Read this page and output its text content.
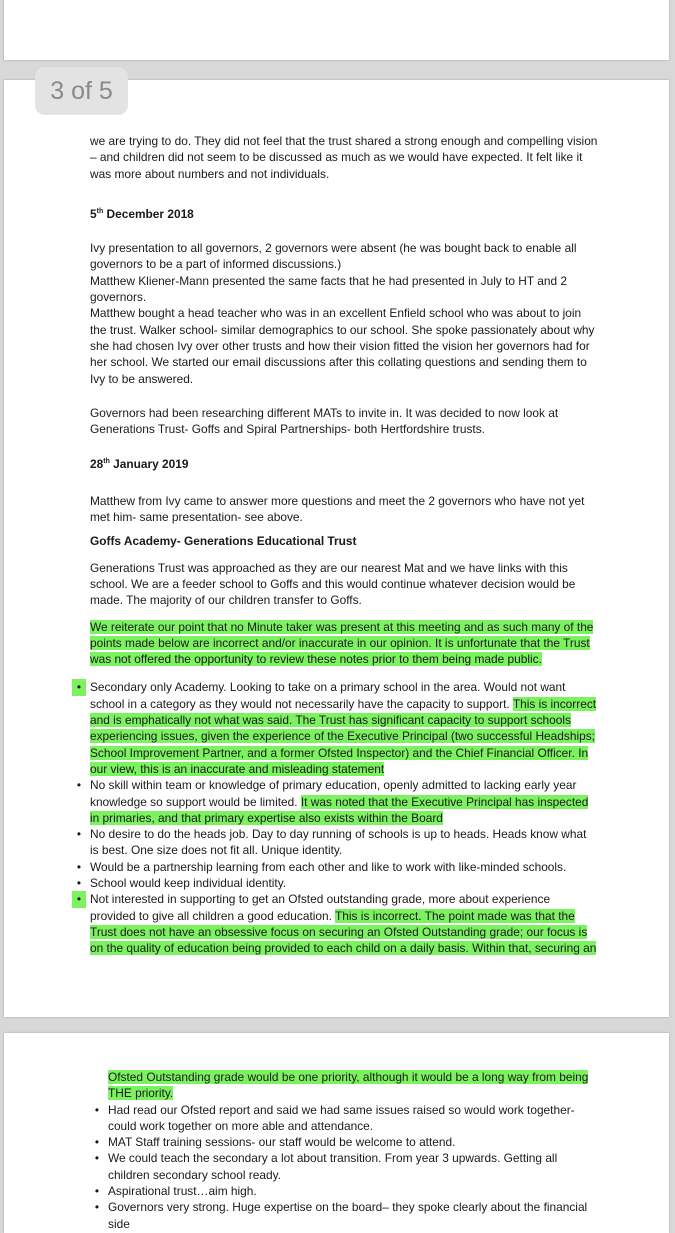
3 of 5

we are trying to do. They did not feel that the trust shared a strong enough and compelling vision – and children did not seem to be discussed as much as we would have expected. It felt like it was more about numbers and not individuals.

5th December 2018

Ivy presentation to all governors, 2 governors were absent (he was bought back to enable all governors to be a part of informed discussions.)

Matthew Kliener-Mann presented the same facts that he had presented in July to HT and 2 governors.

Matthew bought a head teacher who was in an excellent Enfield school who was about to join the trust. Walker school- similar demographics to our school. She spoke passionately about why she had chosen Ivy over other trusts and how their vision fitted the vision her governors had for her school. We started our email discussions after this collating questions and sending them to Ivy to be answered.

Governors had been researching different MATs to invite in. It was decided to now look at Generations Trust- Goffs and Spiral Partnerships- both Hertfordshire trusts.

28th January 2019

Matthew from Ivy came to answer more questions and meet the 2 governors who have not yet met him- same presentation- see above.

Goffs Academy- Generations Educational Trust

Generations Trust was approached as they are our nearest Mat and we have links with this school. We are a feeder school to Goffs and this would continue whatever decision would be made. The majority of our children transfer to Goffs.

We reiterate our point that no Minute taker was present at this meeting and as such many of the points made below are incorrect and/or inaccurate in our opinion. It is unfortunate that the Trust was not offered the opportunity to review these notes prior to them being made public.

• Secondary only Academy. Looking to take on a primary school in the area. Would not want school in a category as they would not necessarily have the capacity to support. This is incorrect and is emphatically not what was said. The Trust has significant capacity to support schools experiencing issues, given the experience of the Executive Principal (two successful Headships; School Improvement Partner, and a former Ofsted Inspector) and the Chief Financial Officer. In our view, this is an inaccurate and misleading statement
• No skill within team or knowledge of primary education, openly admitted to lacking early year knowledge so support would be limited. It was noted that the Executive Principal has inspected in primaries, and that primary expertise also exists within the Board
• No desire to do the heads job. Day to day running of schools is up to heads. Heads know what is best. One size does not fit all. Unique identity.
• Would be a partnership learning from each other and like to work with like-minded schools.
• School would keep individual identity.
• Not interested in supporting to get an Ofsted outstanding grade, more about experience provided to give all children a good education. This is incorrect. The point made was that the Trust does not have an obsessive focus on securing an Ofsted Outstanding grade; our focus is on the quality of education being provided to each child on a daily basis. Within that, securing an

Ofsted Outstanding grade would be one priority, although it would be a long way from being THE priority.

• Had read our Ofsted report and said we had same issues raised so would work together- could work together on more able and attendance.
• MAT Staff training sessions- our staff would be welcome to attend.
• We could teach the secondary a lot about transition. From year 3 upwards. Getting all children secondary school ready.
• Aspirational trust…aim high.
• Governors very strong. Huge expertise on the board– they spoke clearly about the financial side
